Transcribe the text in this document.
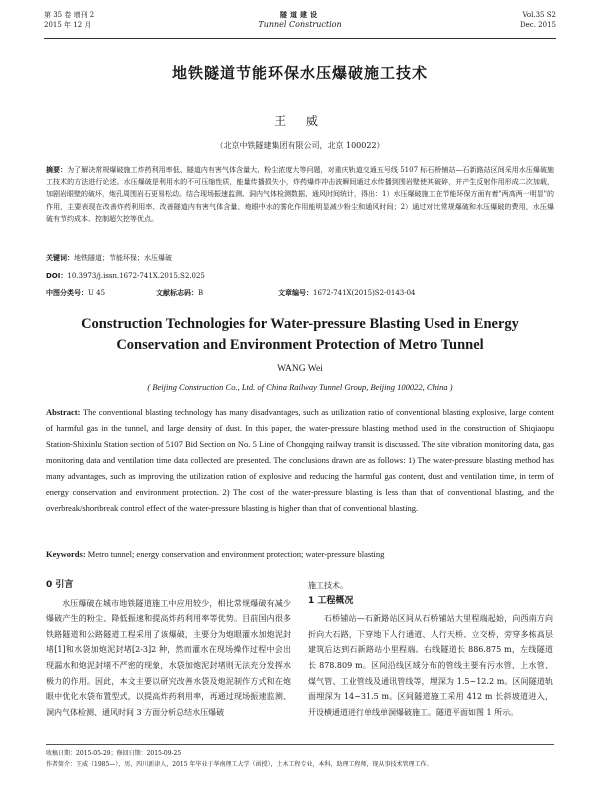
第 35 卷 增刊 2
2015 年 12 月
隧道建设
Tunnel Construction
Vol.35 S2
Dec. 2015
地铁隧道节能环保水压爆破施工技术
王 威
（北京中铁隧建集团有限公司，北京 100022）
摘要：为了解决常规爆破施工炸药利用率低、隧道内有害气体含量大、粉尘浓度大等问题，对重庆轨道交通五号线 5107 标石桥铺站—石新路站区间采用水压爆破施工技术的方法进行论述。水压爆破是利用水的不可压缩性质，能量传播损失小，炸药爆炸冲击波瞬间通过水传播到围岩壁使其破碎，并产生反射作用形成二次加载，加剧岩眼壁的破坏，炮孔周围岩石更易松动。结合现场振速监测、洞内气体检测数据、通风时间统计，得出：1）水压爆破施工在节能环保方面有着"两高两一明显"的作用，主要表现在改善炸药利用率、改善隧道内有害气体含量、炮眼中水的雾化作用能明显减少粉尘和通风时间；2）通过对比常规爆破和水压爆破的费用，水压爆破有节约成本、控制超欠挖等优点。
关键词：地铁隧道；节能环保；水压爆破
DOI：10.3973/j.issn.1672-741X.2015.S2.025
中图分类号：U 45	文献标志码：B	文章编号：1672-741X(2015)S2-0143-04
Construction Technologies for Water-pressure Blasting Used in Energy Conservation and Environment Protection of Metro Tunnel
WANG Wei
( Beijing Construction Co., Ltd. of China Railway Tunnel Group, Beijing 100022, China )
Abstract: The conventional blasting technology has many disadvantages, such as utilization ratio of conventional blasting explosive, large content of harmful gas in the tunnel, and large density of dust. In this paper, the water-pressure blasting method used in the construction of Shiqiaopu Station-Shixinlu Station section of 5107 Bid Section on No. 5 Line of Chongqing railway transit is discussed. The site vibration monitoring data, gas monitoring data and ventilation time data collected are presented. The conclusions drawn are as follows: 1) The water-pressure blasting method has many advantages, such as improving the utilization ration of explosive and reducing the harmful gas content, dust and ventilation time, in term of energy conservation and environment protection. 2) The cost of the water-pressure blasting is less than that of conventional blasting, and the overbreak/shortbreak control effect of the water-pressure blasting is higher than that of conventional blasting.
Keywords: Metro tunnel; energy conservation and environment protection; water-pressure blasting
0 引言

水压爆破在城市地铁隧道施工中应用较少，相比常规爆破有减少爆破产生的粉尘、降低振速和提高炸药利用率等优势。目前国内很多铁路隧道和公路隧道工程采用了该爆破，主要分为炮眼灌水加炮泥封堵[1]和水袋加炮泥封堵[2-3]2 种，然而灌水在现场操作过程中会出现漏水和炮泥封堵不严密的现象，水袋加炮泥封堵则无法充分发挥水极力的作用。因此，本文主要以研究改善水袋及炮泥制作方式和在炮眼中优化水袋布置型式，以提高炸药利用率，再通过现场振速监测、洞内气体检测、通风时间 3 方面分析总结水压爆破

施工技术。

1 工程概况

石桥铺站—石新路站区间从石桥铺站大里程端起始，向西南方向折向大石路，下穿地下人行通道、人行天桥、立交桥，旁穿多栋高层建筑后达到石新路站小里程端。右线隧道长 886.875 m，左线隧道长 878.809 m。区间沿线区域分布的管线主要有污水管、上水管、煤气管、工业管线及通讯管线等，埋深为 1.5~12.2 m。区间隧道轨面埋深为 14~31.5 m。区间隧道施工采用 412 m 长斜坡道进入，开设横通道进行单线单洞爆破施工。隧道平面如图 1 所示。

收稿日期：2015-05-29；修回日期：2015-09-25
作者简介：王威（1985—），男，四川新津人，2015 年毕业于华南理工大学（函授），土木工程专业，本科，助理工程师，现从事技术管理工作。
